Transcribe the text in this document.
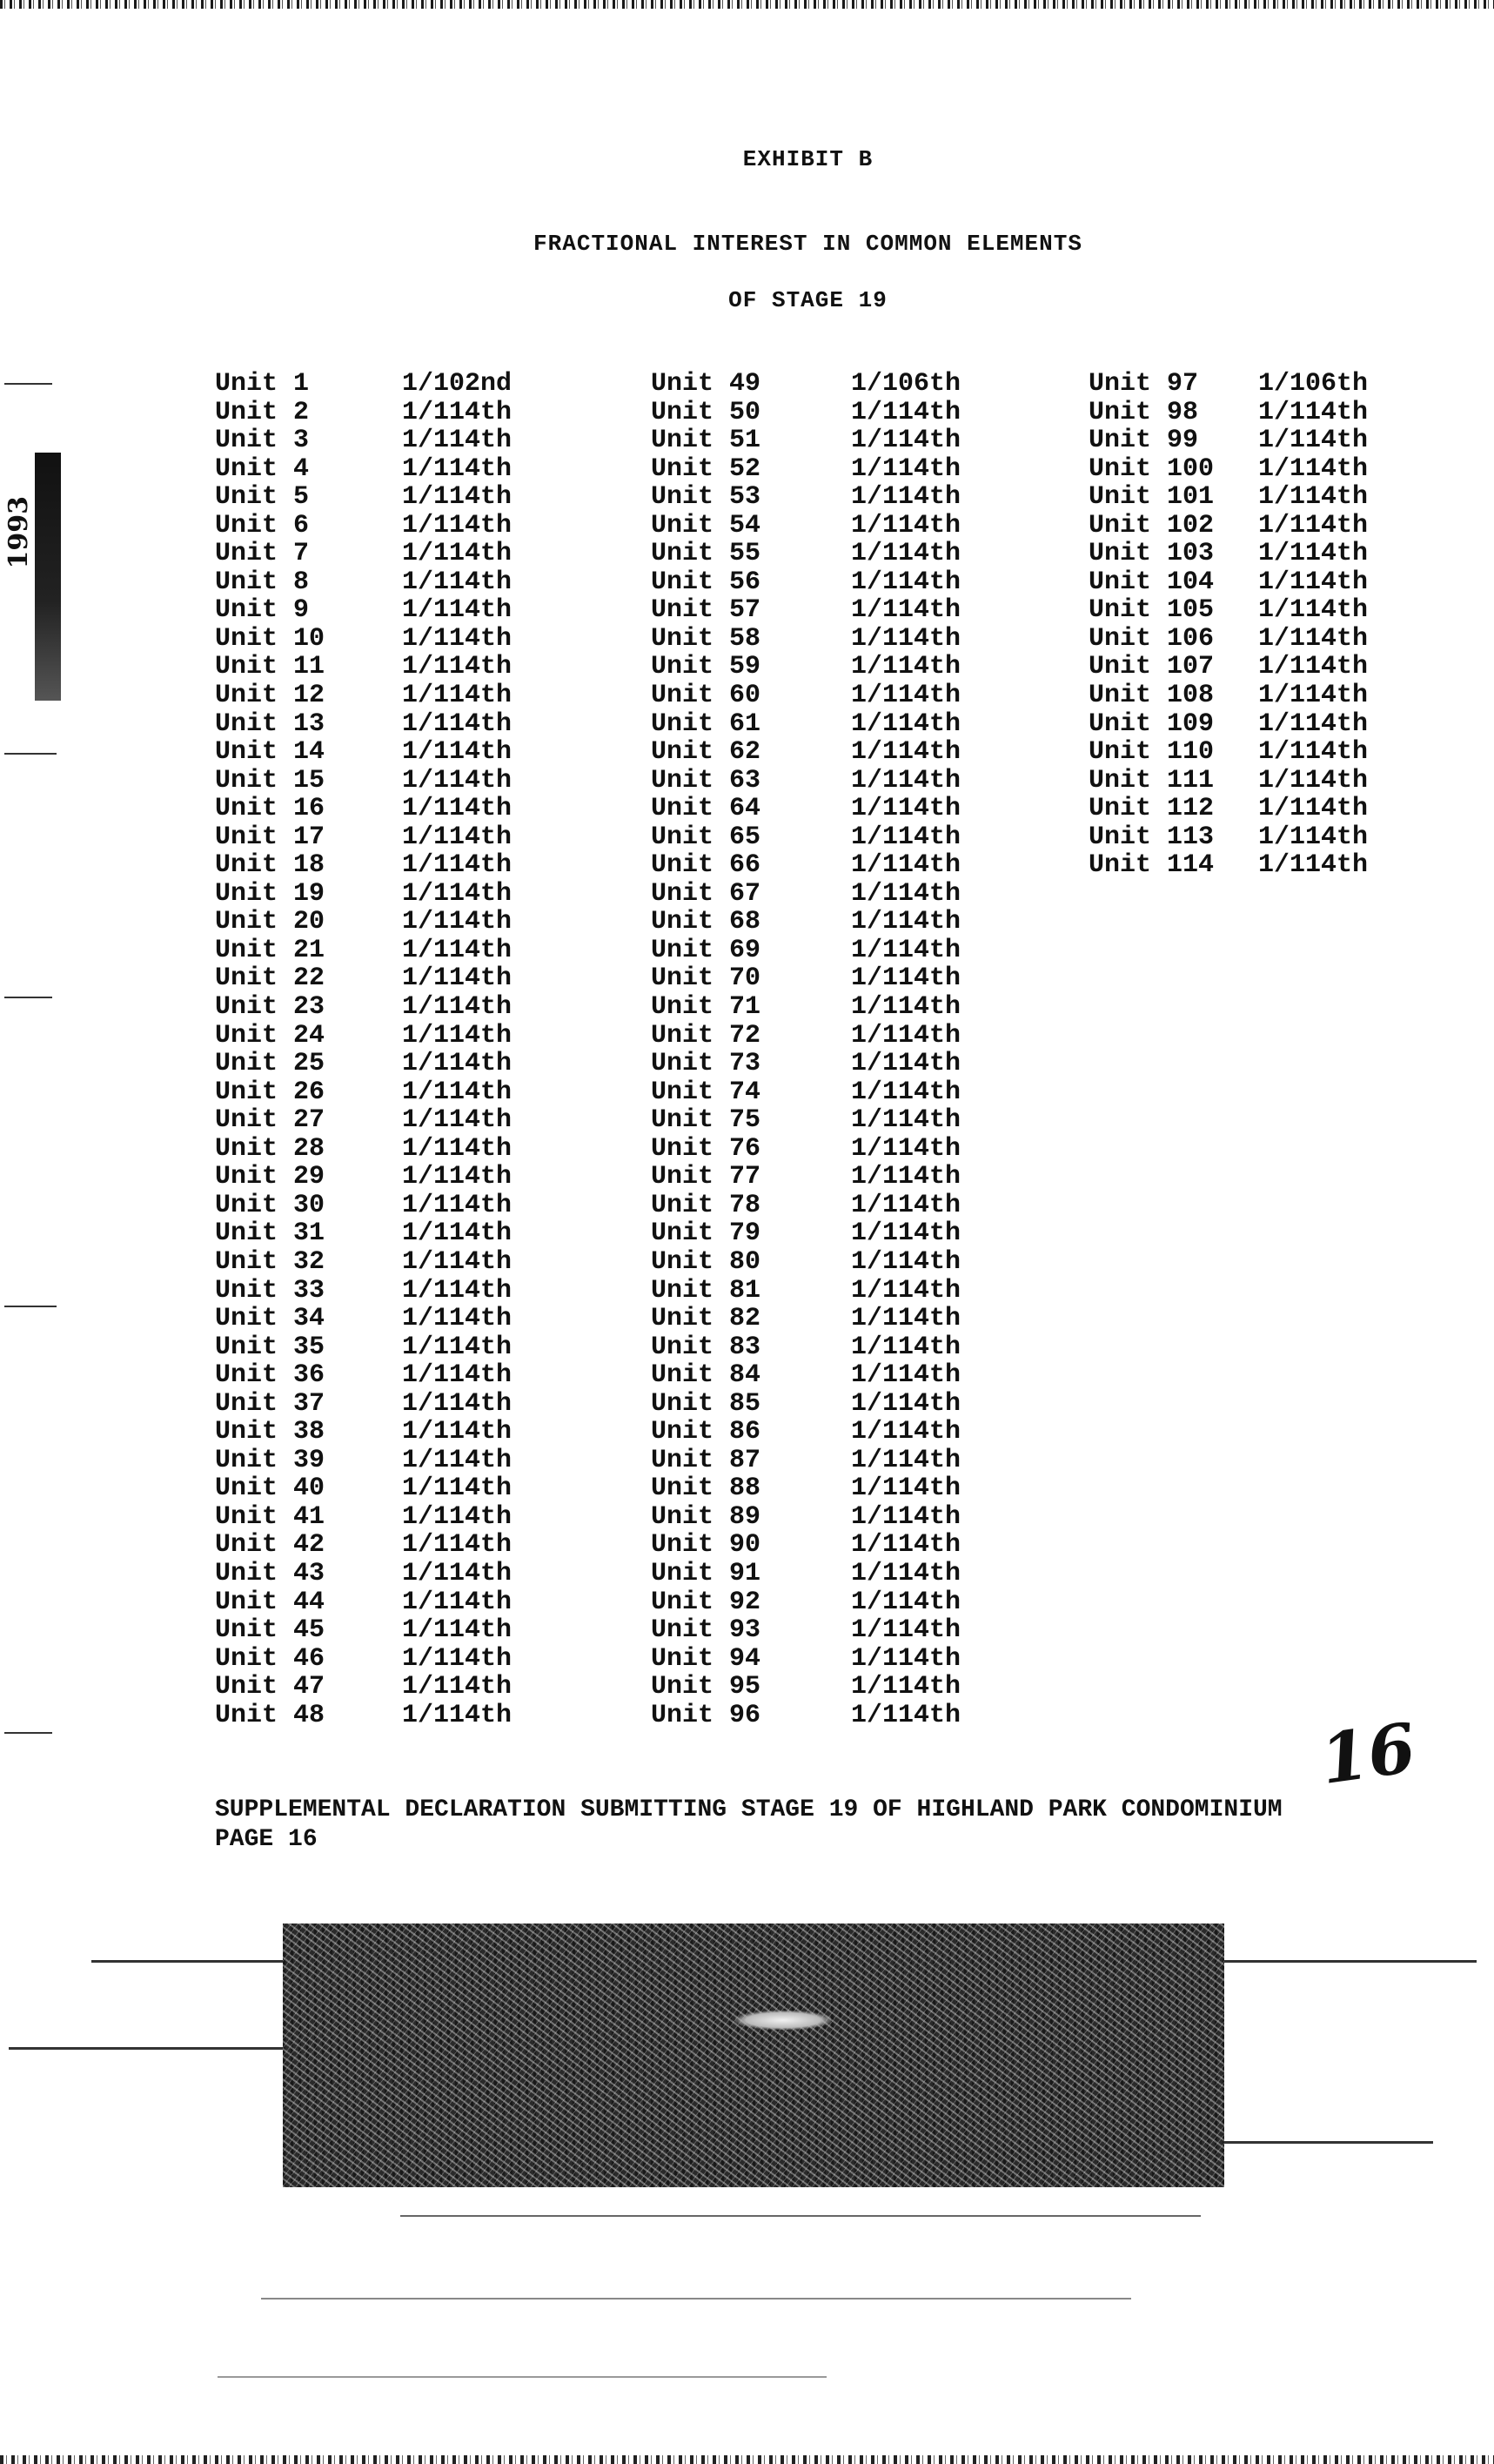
1993
EXHIBIT B
FRACTIONAL INTEREST IN COMMON ELEMENTS
OF STAGE 19
Unit 1	1/102nd
Unit 2	1/114th
Unit 3	1/114th
Unit 4	1/114th
Unit 5	1/114th
Unit 6	1/114th
Unit 7	1/114th
Unit 8	1/114th
Unit 9	1/114th
Unit 10	1/114th
Unit 11	1/114th
Unit 12	1/114th
Unit 13	1/114th
Unit 14	1/114th
Unit 15	1/114th
Unit 16	1/114th
Unit 17	1/114th
Unit 18	1/114th
Unit 19	1/114th
Unit 20	1/114th
Unit 21	1/114th
Unit 22	1/114th
Unit 23	1/114th
Unit 24	1/114th
Unit 25	1/114th
Unit 26	1/114th
Unit 27	1/114th
Unit 28	1/114th
Unit 29	1/114th
Unit 30	1/114th
Unit 31	1/114th
Unit 32	1/114th
Unit 33	1/114th
Unit 34	1/114th
Unit 35	1/114th
Unit 36	1/114th
Unit 37	1/114th
Unit 38	1/114th
Unit 39	1/114th
Unit 40	1/114th
Unit 41	1/114th
Unit 42	1/114th
Unit 43	1/114th
Unit 44	1/114th
Unit 45	1/114th
Unit 46	1/114th
Unit 47	1/114th
Unit 48	1/114th
Unit 49	1/106th
Unit 50	1/114th
Unit 51	1/114th
Unit 52	1/114th
Unit 53	1/114th
Unit 54	1/114th
Unit 55	1/114th
Unit 56	1/114th
Unit 57	1/114th
Unit 58	1/114th
Unit 59	1/114th
Unit 60	1/114th
Unit 61	1/114th
Unit 62	1/114th
Unit 63	1/114th
Unit 64	1/114th
Unit 65	1/114th
Unit 66	1/114th
Unit 67	1/114th
Unit 68	1/114th
Unit 69	1/114th
Unit 70	1/114th
Unit 71	1/114th
Unit 72	1/114th
Unit 73	1/114th
Unit 74	1/114th
Unit 75	1/114th
Unit 76	1/114th
Unit 77	1/114th
Unit 78	1/114th
Unit 79	1/114th
Unit 80	1/114th
Unit 81	1/114th
Unit 82	1/114th
Unit 83	1/114th
Unit 84	1/114th
Unit 85	1/114th
Unit 86	1/114th
Unit 87	1/114th
Unit 88	1/114th
Unit 89	1/114th
Unit 90	1/114th
Unit 91	1/114th
Unit 92	1/114th
Unit 93	1/114th
Unit 94	1/114th
Unit 95	1/114th
Unit 96	1/114th
Unit 97	1/106th
Unit 98	1/114th
Unit 99	1/114th
Unit 100	1/114th
Unit 101	1/114th
Unit 102	1/114th
Unit 103	1/114th
Unit 104	1/114th
Unit 105	1/114th
Unit 106	1/114th
Unit 107	1/114th
Unit 108	1/114th
Unit 109	1/114th
Unit 110	1/114th
Unit 111	1/114th
Unit 112	1/114th
Unit 113	1/114th
Unit 114	1/114th
16
SUPPLEMENTAL DECLARATION SUBMITTING STAGE 19 OF HIGHLAND PARK CONDOMINIUM
PAGE 16
